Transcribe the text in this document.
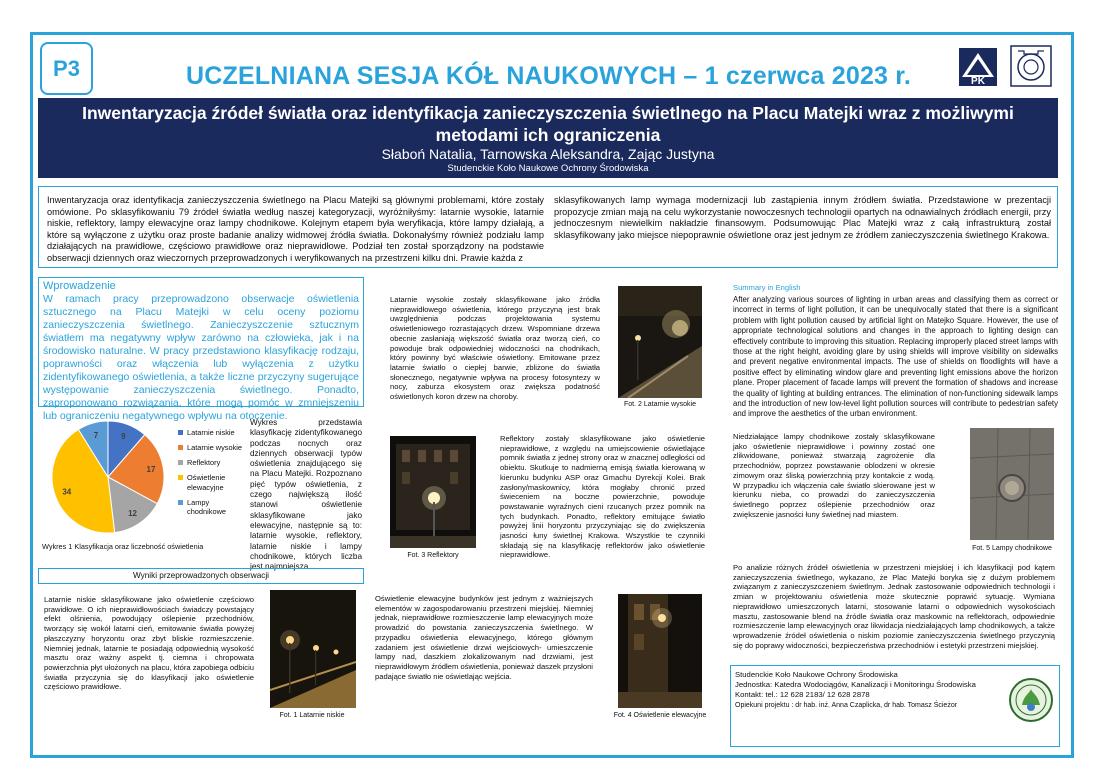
P3	UCZELNIANA SESJA KÓŁ NAUKOWYCH – 1 czerwca 2023 r.	PK
Inwentaryzacja źródeł światła oraz identyfikacja zanieczyszczenia świetlnego na Placu Matejki wraz z możliwymi metodami ich ograniczenia
Słaboń Natalia, Tarnowska Aleksandra, Zając Justyna
Studenckie Koło Naukowe Ochrony Środowiska
Inwentaryzacja oraz identyfikacja zanieczyszczenia świetlnego na Placu Matejki są głównymi problemami, które zostały omówione. Po sklasyfikowaniu 79 źródeł światła według naszej kategoryzacji, wyróżniłyśmy: latarnie wysokie, latarnie niskie, reflektory, lampy elewacyjne oraz lampy chodnikowe. Kolejnym etapem była weryfikacja, które lampy działają, a które są wyłączone z użytku oraz proste badanie analizy widmowej źródła światła. Dokonałyśmy również podziału lamp działających na prawidłowe, częściowo prawidłowe oraz nieprawidłowe. Podział ten został sporządzony na podstawie obserwacji dziennych oraz wieczornych przeprowadzonych i weryfikowanych na przestrzeni kilku dni. Prawie każda z
sklasyfikowanych lamp wymaga modernizacji lub zastąpienia innym źródłem światła. Przedstawione w prezentacji propozycje zmian mają na celu wykorzystanie nowoczesnych technologii opartych na odnawialnych źródłach energii, przy jednoczesnym niewielkim nakładzie finansowym. Podsumowując Plac Matejki wraz z całą infrastrukturą został sklasyfikowany jako miejsce niepoprawnie oświetlone oraz jest jednym ze źródłem zanieczyszczenia świetlnego Krakowa.
Wprowadzenie
W ramach pracy przeprowadzono obserwacje oświetlenia sztucznego na Placu Matejki w celu oceny poziomu zanieczyszczenia świetlnego. Zanieczyszczenie sztucznym światłem ma negatywny wpływ zarówno na człowieka, jak i na środowisko naturalne. W pracy przedstawiono klasyfikację rodzaju, poprawności oraz włączenia lub wyłączenia z użytku zidentyfikowanego oświetlenia, a także liczne przyczyny sugerujące występowanie zanieczyszczenia świetlnego. Ponadto, zaproponowano rozwiązania, które mogą pomóc w zmniejszeniu lub ograniczeniu negatywnego wpływu na otoczenie.
9
17
12
34
7	Latarnie niskie
Latarnie wysokie
Reflektory
Oświetlenie elewacyjne
Lampy chodnikowe
Wykres 1 Klasyfikacja oraz liczebność oświetlenia
Wykres przedstawia klasyfikację zidentyfikowanego podczas nocnych oraz dziennych obserwacji typów oświetlenia znajdującego się na Placu Matejki. Rozpoznano pięć typów oświetlenia, z czego największą ilość stanowi oświetlenie sklasyfikowane jako elewacyjne, następnie są to: latarnie wysokie, reflektory, latarnie niskie i lampy chodnikowe, których liczba jest najmniejsza.
Latarnie wysokie zostały sklasyfikowane jako źródła nieprawidłowego oświetlenia, którego przyczyną jest brak uwzględnienia podczas projektowania systemu oświetleniowego rozrastających drzew. Wspomniane drzewa obecnie zasłaniają większość światła oraz tworzą cień, co powoduje brak odpowiedniej widoczności na chodnikach, który powinny być właściwie oświetlony. Emitowane przez latarnie światło o ciepłej barwie, zbliżone do światła słonecznego, negatywnie wpływa na procesy fotosyntezy w nocy, zaburza ekosystem oraz zwiększa podatność oświetlonych koron drzew na choroby.
Fot. 2 Latarnie wysokie
Fot. 3 Reflektory
Reflektory zostały sklasyfikowane jako oświetlenie nieprawidłowe, z względu na umiejscowienie oświetlające pomnik światła z jednej strony oraz w znacznej odległości od obiektu. Skutkuje to nadmierną emisją światła kierowaną w kierunku budynku ASP oraz Gmachu Dyrekcji Kolei. Brak zasłony/maskownicy, która mogłaby chronić przed świeceniem na boczne powierzchnie, powoduje powstawanie wyraźnych cieni rzucanych przez pomnik na tych budynkach. Ponadto, reflektory emitujące światło powyżej linii horyzontu przyczyniając się do zwiększenia jasności łuny świetlnej Krakowa. Wszystkie te czynniki składają się na klasyfikację reflektorów jako oświetlenie nieprawidłowe.
Summary in English
After analyzing various sources of lighting in urban areas and classifying them as correct or incorrect in terms of light pollution, it can be unequivocally stated that there is a significant problem with light pollution caused by artificial light on Matejko Square. However, the use of appropriate technological solutions and changes in the approach to lighting design can effectively contribute to improving this situation. Replacing improperly placed street lamps with those at the right height, avoiding glare by using shields will improve visibility on sidewalks and prevent negative environmental impacts. The use of shields on floodlights will have a positive effect by eliminating window glare and preventing light emissions above the horizon plane. Proper placement of facade lamps will prevent the formation of shadows and increase the quality of lighting at building entrances. The elimination of non-functioning sidewalk lamps and the introduction of new low-level light pollution sources will contribute to pedestrian safety and improve the aesthetics of the urban environment.
Niedziałające lampy chodnikowe zostały sklasyfikowane jako oświetlenie nieprawidłowe i powinny zostać one zlikwidowane, ponieważ stwarzają zagrożenie dla przechodniów, poprzez powstawanie oblodzeni w okresie zimowym oraz śliską powierzchnią przy kontakcie z wodą. W przypadku ich włączenia całe światło skierowane jest w kierunku nieba, co prowadzi do zanieczyszczenia świetlnego poprzez oślepienie przechodniów oraz zwiększenie jasności łuny świetlnej nad miastem.
Fot. 5 Lampy chodnikowe
Wyniki przeprowadzonych obserwacji
Latarnie niskie sklasyfikowane jako oświetlenie częściowo prawidłowe. O ich nieprawidłowościach świadczy powstający efekt olśnienia, powodujący oślepienie przechodniów, tworzący się wokół latarni cień, emitowanie światła powyżej płaszczyzny horyzontu oraz zbyt bliskie rozmieszczenie. Niemniej jednak, latarnie te posiadają odpowiednią wysokość masztu oraz ważny aspekt tj. ciemna i chropowata powierzchnia płyt ułożonych na placu, która zapobiega odbiciu światła przyczynia się do klasyfikacji jako oświetlenie częściowo prawidłowe.
Fot. 1 Latarnie niskie
Oświetlenie elewacyjne budynków jest jednym z ważniejszych elementów w zagospodarowaniu przestrzeni miejskiej. Niemniej jednak, nieprawidłowe rozmieszczenie lamp elewacyjnych może prowadzić do powstania zanieczyszczenia świetlnego. W przypadku oświetlenia elewacyjnego, którego głównym zadaniem jest oświetlenie drzwi wejściowych- umieszczenie lampy nad, daszkiem zlokalizowanym nad drzwiami, jest nieprawidłowym źródłem oświetlenia, ponieważ daszek przysłoni padające światło nie oświetlając wejścia.
Fot. 4 Oświetlenie elewacyjne
Po analizie różnych źródeł oświetlenia w przestrzeni miejskiej i ich klasyfikacji pod kątem zanieczyszczenia świetlnego, wykazano, że Plac Matejki boryka się z dużym problemem związanym z zanieczyszczeniem świetlnym. Jednak zastosowanie odpowiednich technologii i zmian w projektowaniu oświetlenia może skutecznie poprawić sytuację. Wymiana nieprawidłowo umieszczonych latarni, stosowanie latarni o odpowiednich wysokościach masztu, zastosowanie blend na źródle światła oraz maskownic na reflektorach, odpowiednie rozmieszczenie lamp elewacyjnych oraz likwidacja niedziałających lamp chodnikowych, a także wprowadzenie źródeł oświetlenia o niskim poziomie zanieczyszczenia świetlnego przyczynią się do poprawy widoczności, bezpieczeństwa przechodniów i estetyki przestrzeni miejskiej.
Studenckie Koło Naukowe Ochrony Środowiska
Jednostka: Katedra Wodociągów, Kanalizacji i Monitoringu Środowiska
Kontakt: tel.: 12 628 2183/ 12 628 2878
Opiekuni projektu : dr hab. inż. Anna Czaplicka, dr hab. Tomasz Ścieżor
